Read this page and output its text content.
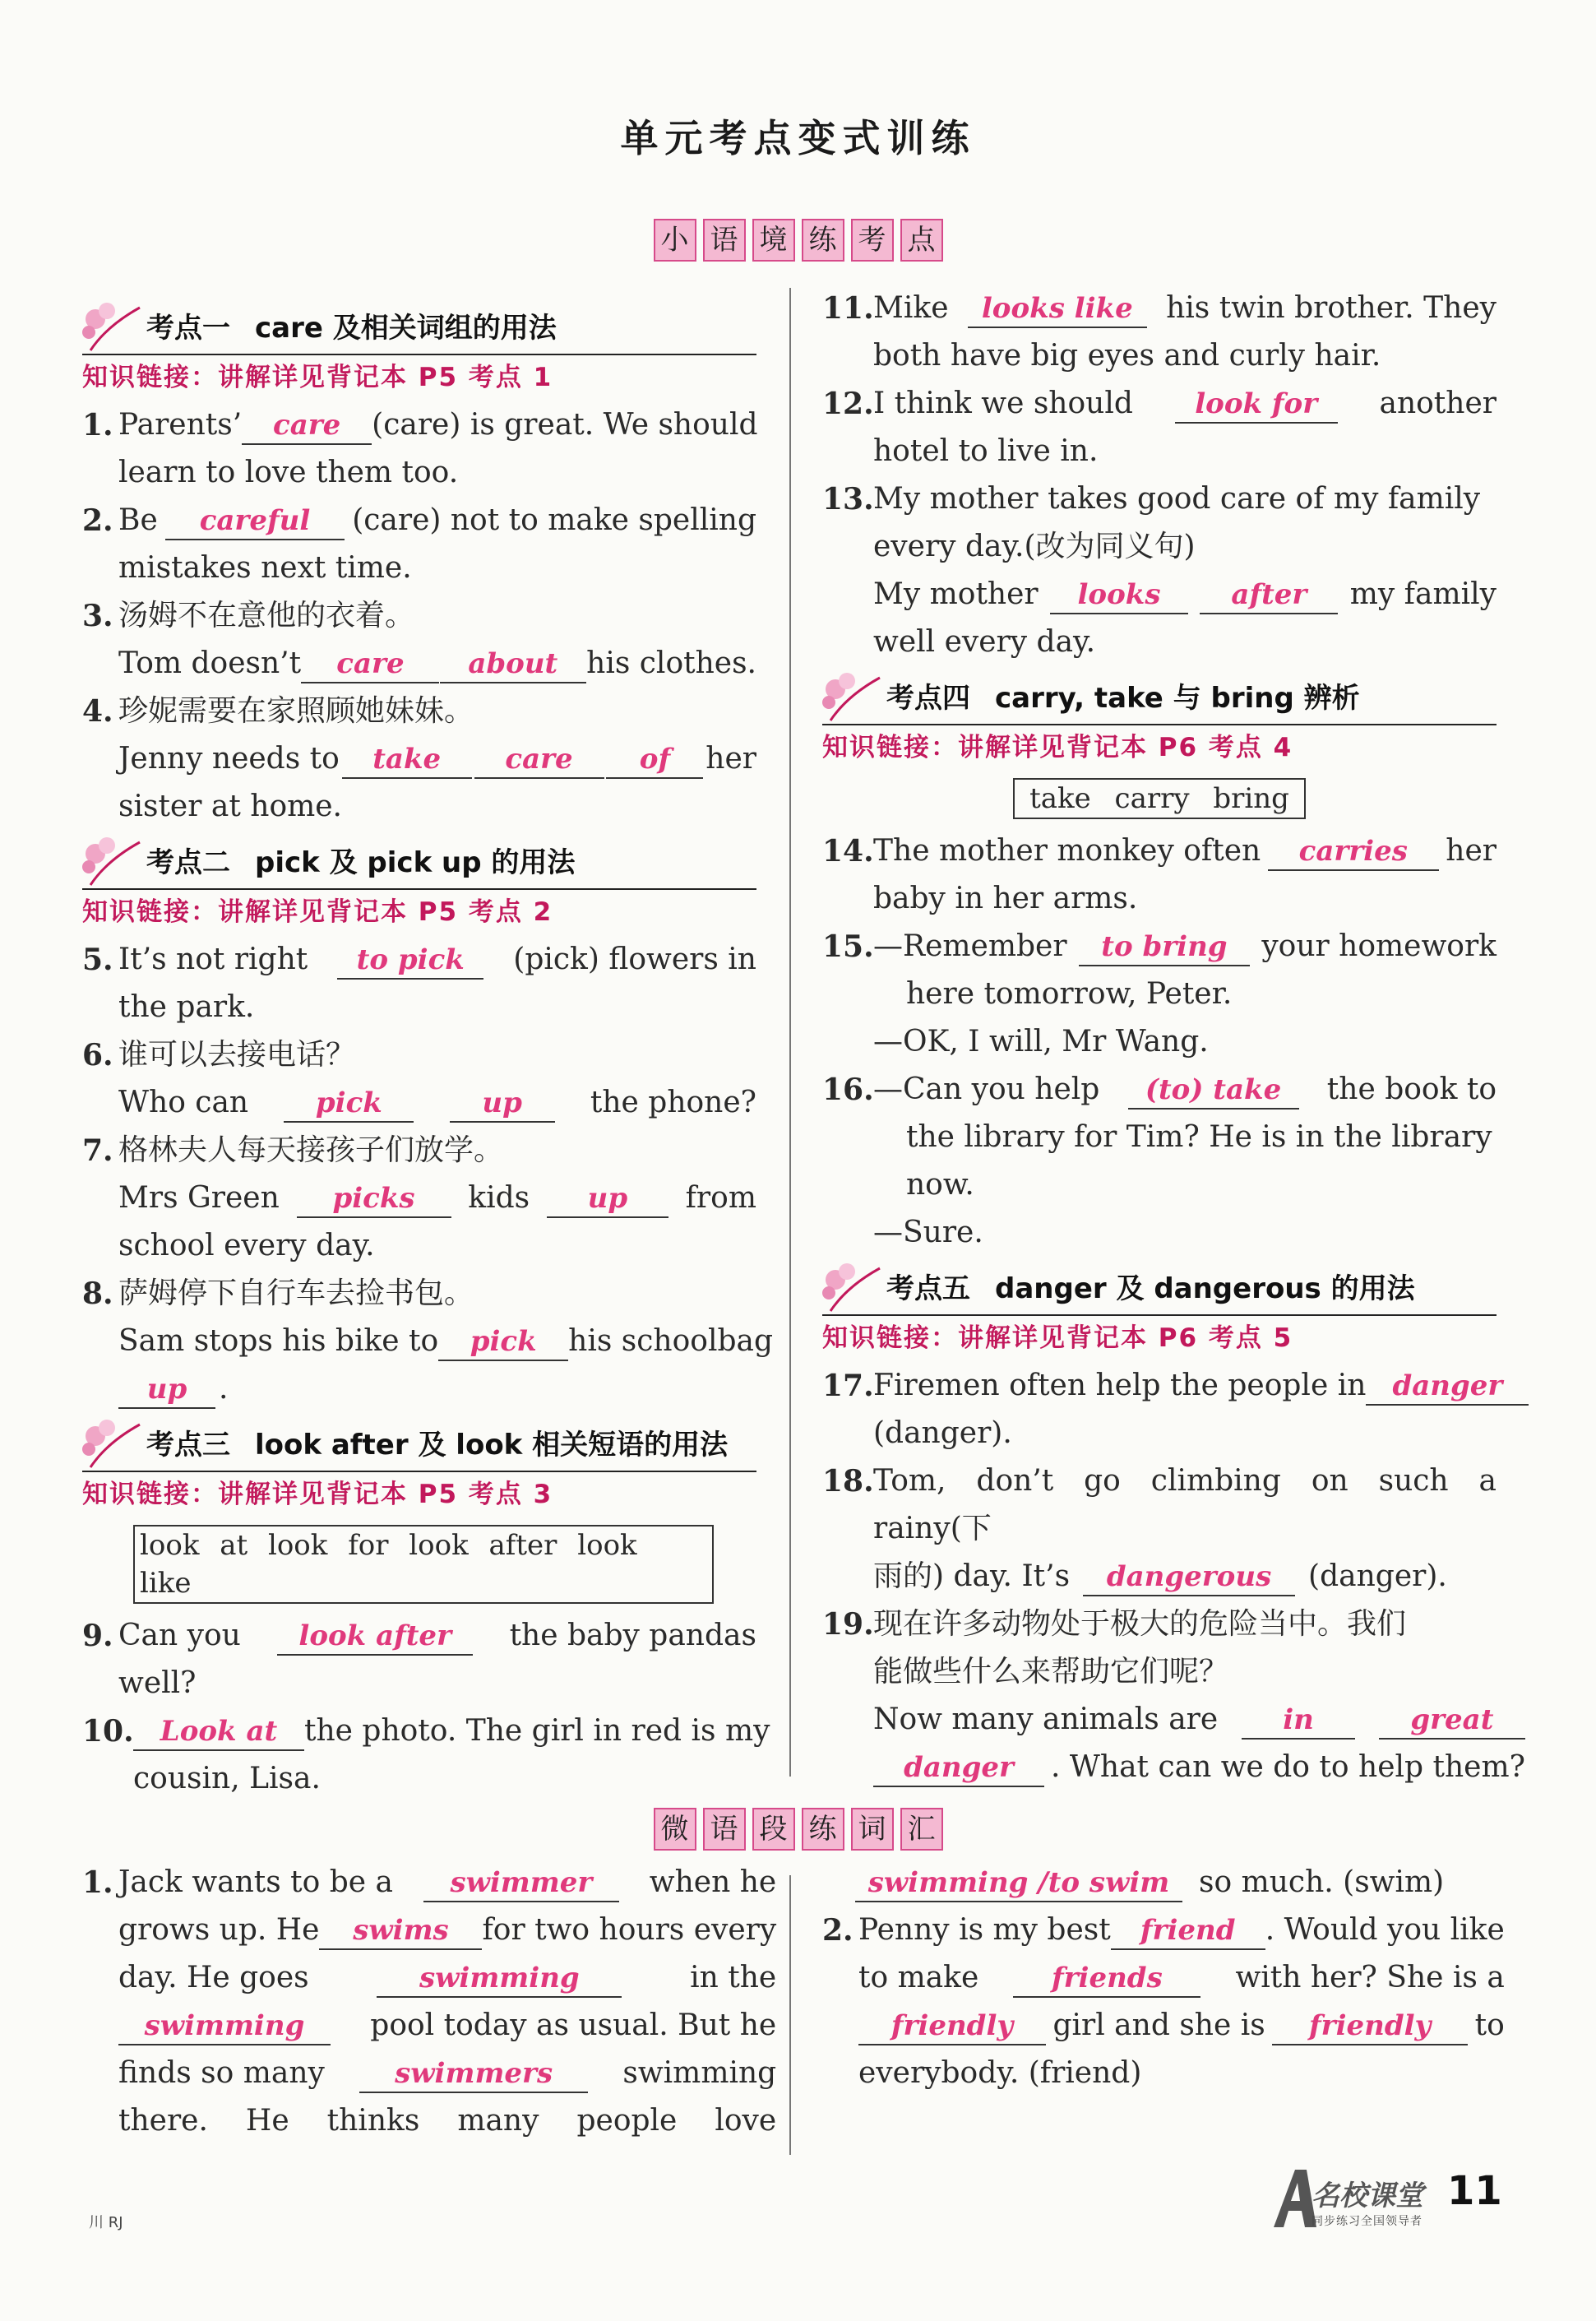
单元考点变式训练
小 语 境 练 考 点
考点一 care 及相关词组的用法
知识链接：讲解详见背记本 P5 考点 1
1. Parents’	care	(care) is great. We should
learn to love them too.
2. Be	careful	(care) not to make spelling
mistakes next time.
3. 汤姆不在意他的衣着。
Tom doesn’t	care	about his clothes.
4. 珍妮需要在家照顾她妹妹。
Jenny needs to	take	care	of	her
sister at home.
考点二 pick 及 pick up 的用法
知识链接：讲解详见背记本 P5 考点 2
5. It’s not right	to pick	(pick) flowers in
the park.
6. 谁可以去接电话？
Who can	pick	up	the phone?
7. 格林夫人每天接孩子们放学。
Mrs Green	picks	kids	up	from
school every day.
8. 萨姆停下自行车去捡书包。
Sam stops his bike to	pick	his schoolbag
up	.
考点三 look after 及 look 相关短语的用法
知识链接：讲解详见背记本 P5 考点 3
look at look for look after look like
9. Can you	look after	the baby pandas
well?
10. Look at the photo. The girl in red is my
cousin, Lisa.
11. Mike	looks like	his twin brother. They
both have big eyes and curly hair.
12. I think we should	look for	another
hotel to live in.
13. My mother takes good care of my family
every day.(改为同义句)
My mother	looks	after	my family
well every day.
考点四 carry, take 与 bring 辨析
知识链接：讲解详见背记本 P6 考点 4
take carry bring
14. The mother monkey often	carries	her
baby in her arms.
15. —Remember	to bring	your homework
here tomorrow, Peter.
—OK, I will, Mr Wang.
16. —Can you help	(to) take	the book to
the library for Tim? He is in the library
now.
—Sure.
考点五 danger 及 dangerous 的用法
知识链接：讲解详见背记本 P6 考点 5
17. Firemen often help the people in danger
(danger).
18. Tom, don’t go climbing on such a rainy(下
雨的) day. It’s	dangerous	(danger).
19. 现在许多动物处于极大的危险当中。我们
能做些什么来帮助它们呢？
Now many animals are	in	great
danger	. What can we do to help them?
微 语 段 练 词 汇
1. Jack wants to be a	swimmer	when he
grows up. He	swims	for two hours every
day. He goes	swimming	in the
swimming	pool today as usual. But he
finds so many	swimmers	swimming
there. He thinks many people love
swimming /to swim so much. (swim)
2. Penny is my best	friend	. Would you like
to make	friends	with her? She is a
friendly	girl and she is	friendly	to
everybody. (friend)
川 RJ
名校课堂
同步练习全国领导者
11
